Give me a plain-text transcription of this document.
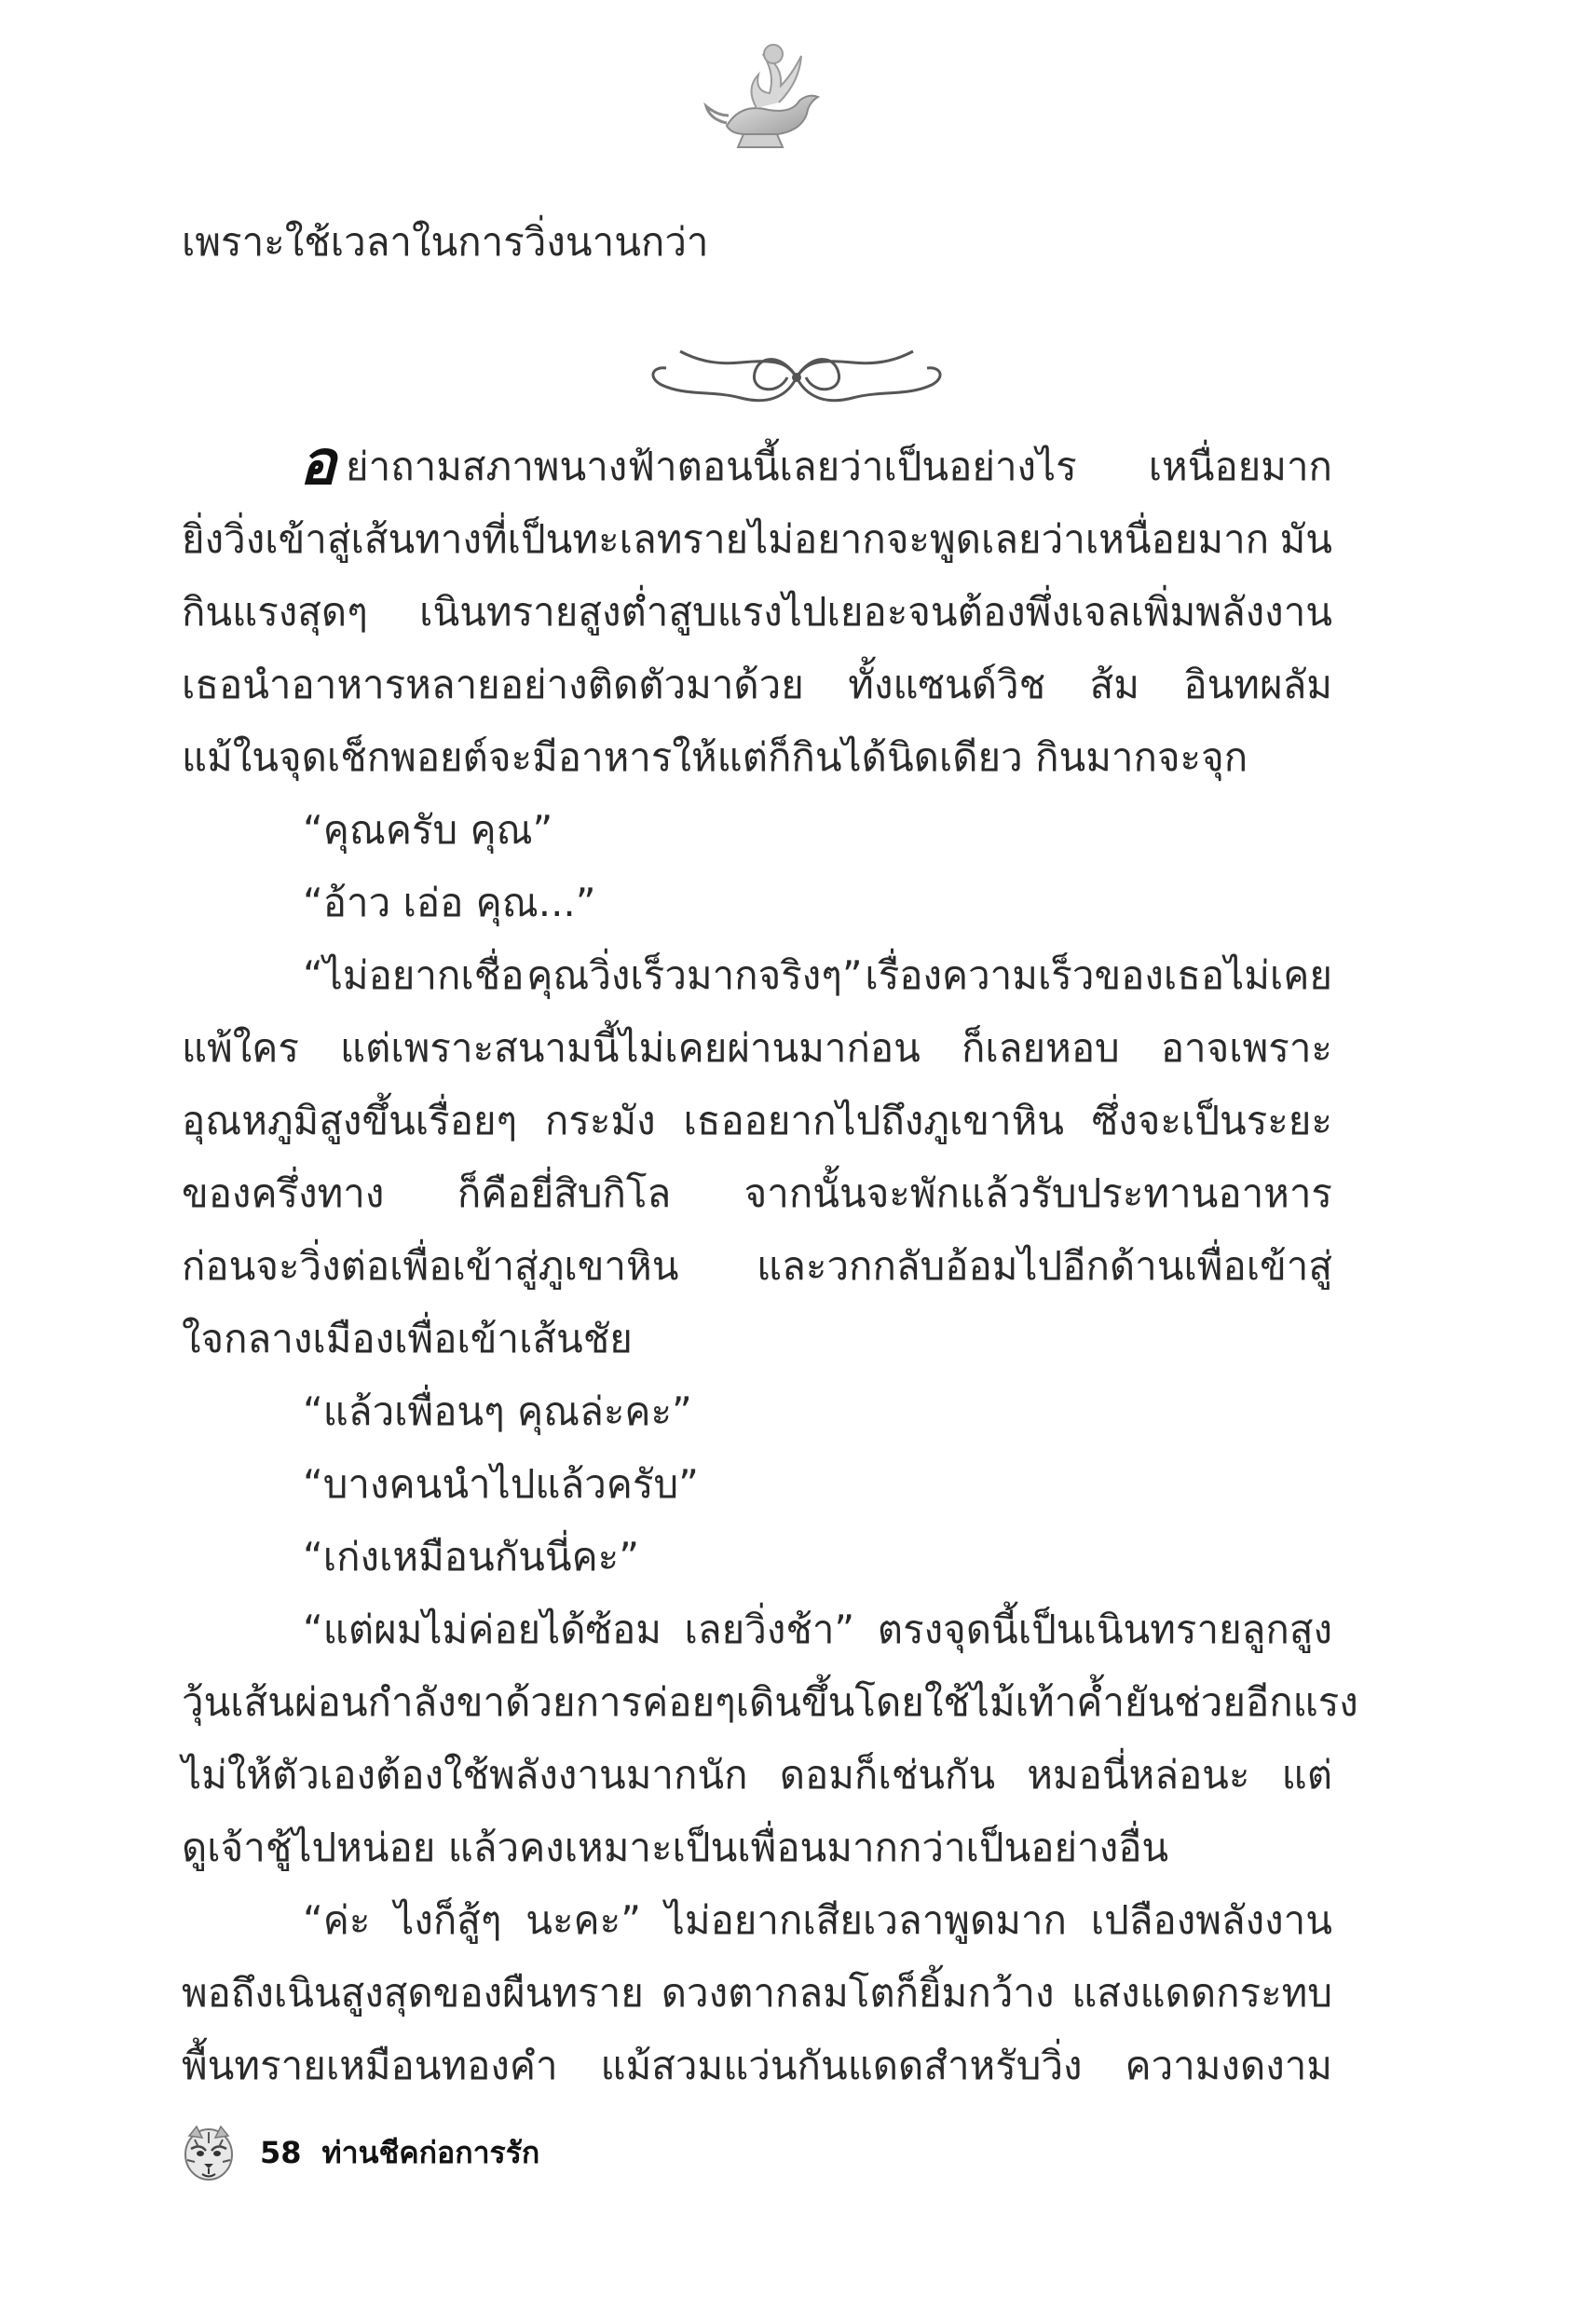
เพราะใช้เวลาในการวิ่งนานกว่า
อ ย่าถามสภาพนางฟ้าตอนนี้เลยว่าเป็นอย่างไร เหนื่อยมาก
ยิ่งวิ่งเข้าสู่เส้นทางที่เป็นทะเลทรายไม่อยากจะพูดเลยว่าเหนื่อยมาก มัน
กินแรงสุดๆ เนินทรายสูงต่ำสูบแรงไปเยอะจนต้องพึ่งเจลเพิ่มพลังงาน
เธอนำอาหารหลายอย่างติดตัวมาด้วย ทั้งแซนด์วิช ส้ม อินทผลัม
แม้ในจุดเช็กพอยต์จะมีอาหารให้แต่ก็กินได้นิดเดียว กินมากจะจุก
“คุณครับ คุณ”
“อ้าว เอ่อ คุณ...”
“ไม่อยากเชื่อ คุณวิ่งเร็วมากจริงๆ” เรื่องความเร็วของเธอไม่เคย
แพ้ใคร แต่เพราะสนามนี้ไม่เคยผ่านมาก่อน ก็เลยหอบ อาจเพราะ
อุณหภูมิสูงขึ้นเรื่อยๆ กระมัง เธออยากไปถึงภูเขาหิน ซึ่งจะเป็นระยะ
ของครึ่งทาง ก็คือยี่สิบกิโล จากนั้นจะพักแล้วรับประทานอาหาร
ก่อนจะวิ่งต่อเพื่อเข้าสู่ภูเขาหิน และวกกลับอ้อมไปอีกด้านเพื่อเข้าสู่
ใจกลางเมืองเพื่อเข้าเส้นชัย
“แล้วเพื่อนๆ คุณล่ะคะ”
“บางคนนำไปแล้วครับ”
“เก่งเหมือนกันนี่คะ”
“แต่ผมไม่ค่อยได้ซ้อม เลยวิ่งช้า” ตรงจุดนี้เป็นเนินทรายลูกสูง
วุ้นเส้นผ่อนกำลังขาด้วยการค่อยๆ เดินขึ้นโดยใช้ไม้เท้าค้ำยันช่วยอีกแรง
ไม่ให้ตัวเองต้องใช้พลังงานมากนัก ดอมก็เช่นกัน หมอนี่หล่อนะ แต่
ดูเจ้าชู้ไปหน่อย แล้วคงเหมาะเป็นเพื่อนมากกว่าเป็นอย่างอื่น
“ค่ะ ไงก็สู้ๆ นะคะ” ไม่อยากเสียเวลาพูดมาก เปลืองพลังงาน
พอถึงเนินสูงสุดของผืนทราย ดวงตากลมโตก็ยิ้มกว้าง แสงแดดกระทบ
พื้นทรายเหมือนทองคำ แม้สวมแว่นกันแดดสำหรับวิ่ง ความงดงาม
58 ท่านชีคก่อการรัก
